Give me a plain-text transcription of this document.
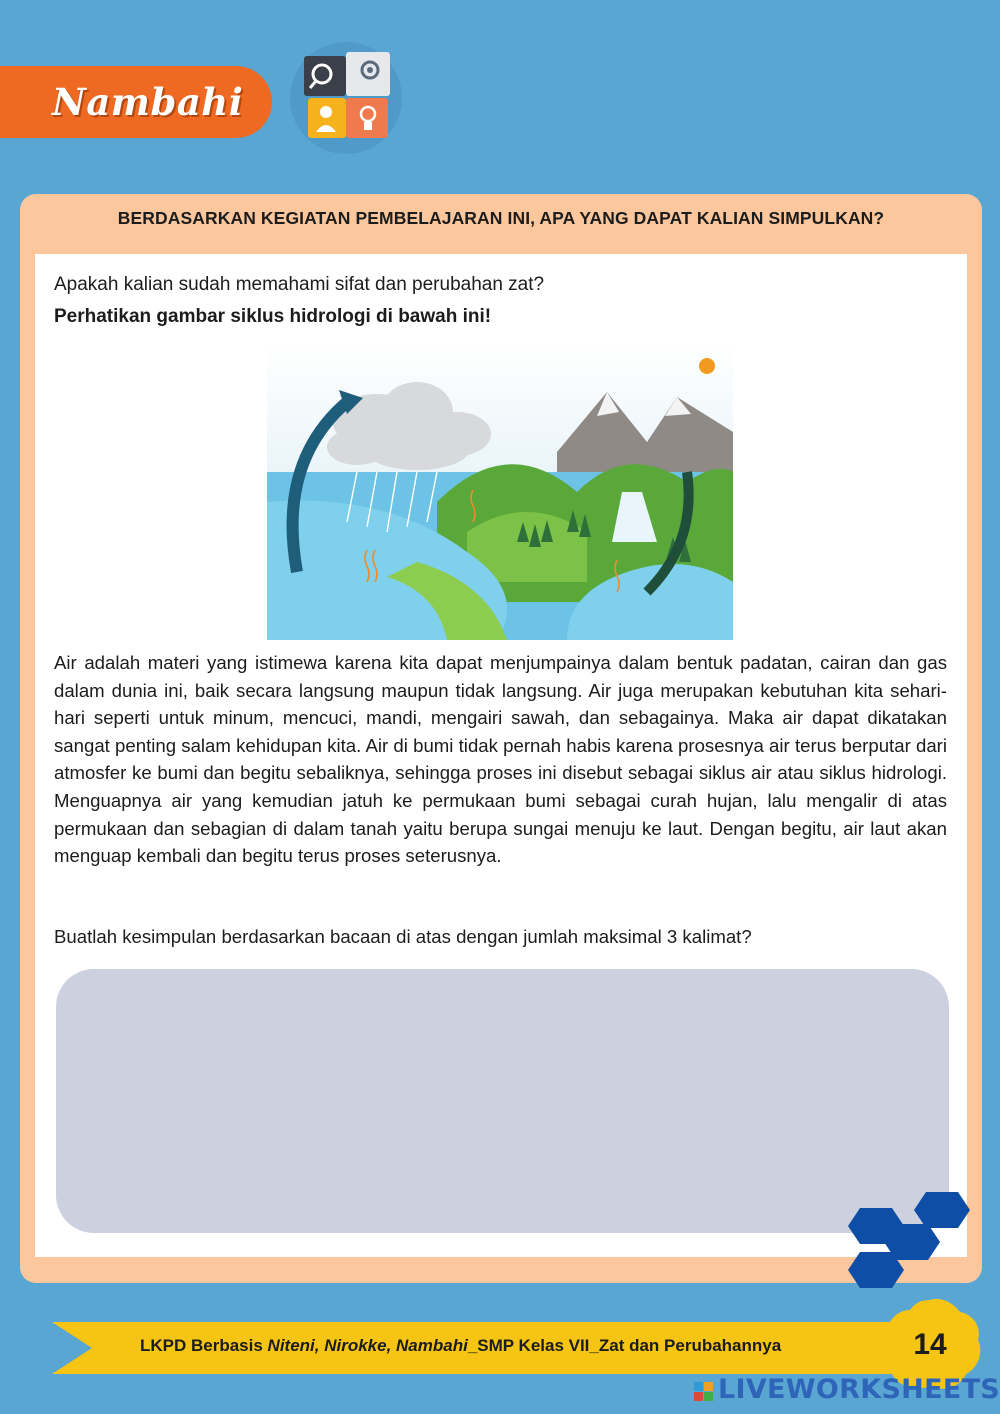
Nambahi
BERDASARKAN KEGIATAN PEMBELAJARAN INI, APA YANG DAPAT KALIAN SIMPULKAN?
Apakah kalian sudah memahami sifat dan perubahan zat?
Perhatikan gambar siklus hidrologi di bawah ini!
Air adalah materi yang istimewa karena kita dapat menjumpainya dalam bentuk padatan, cairan dan gas dalam dunia ini, baik secara langsung maupun tidak langsung. Air juga merupakan kebutuhan kita sehari-hari seperti untuk minum, mencuci, mandi, mengairi sawah, dan sebagainya. Maka air dapat dikatakan sangat penting salam kehidupan kita. Air di bumi tidak pernah habis karena prosesnya air terus berputar dari atmosfer ke bumi dan begitu sebaliknya, sehingga proses ini disebut sebagai siklus air atau siklus hidrologi. Menguapnya air yang kemudian jatuh ke permukaan bumi sebagai curah hujan, lalu mengalir di atas permukaan dan sebagian di dalam tanah yaitu berupa sungai menuju ke laut. Dengan begitu, air laut akan menguap kembali dan begitu terus proses seterusnya.
Buatlah kesimpulan berdasarkan bacaan di atas dengan jumlah maksimal 3 kalimat?
LKPD Berbasis Niteni, Nirokke, Nambahi_SMP Kelas VII_Zat dan Perubahannya	14
LIVEWORKSHEETS
